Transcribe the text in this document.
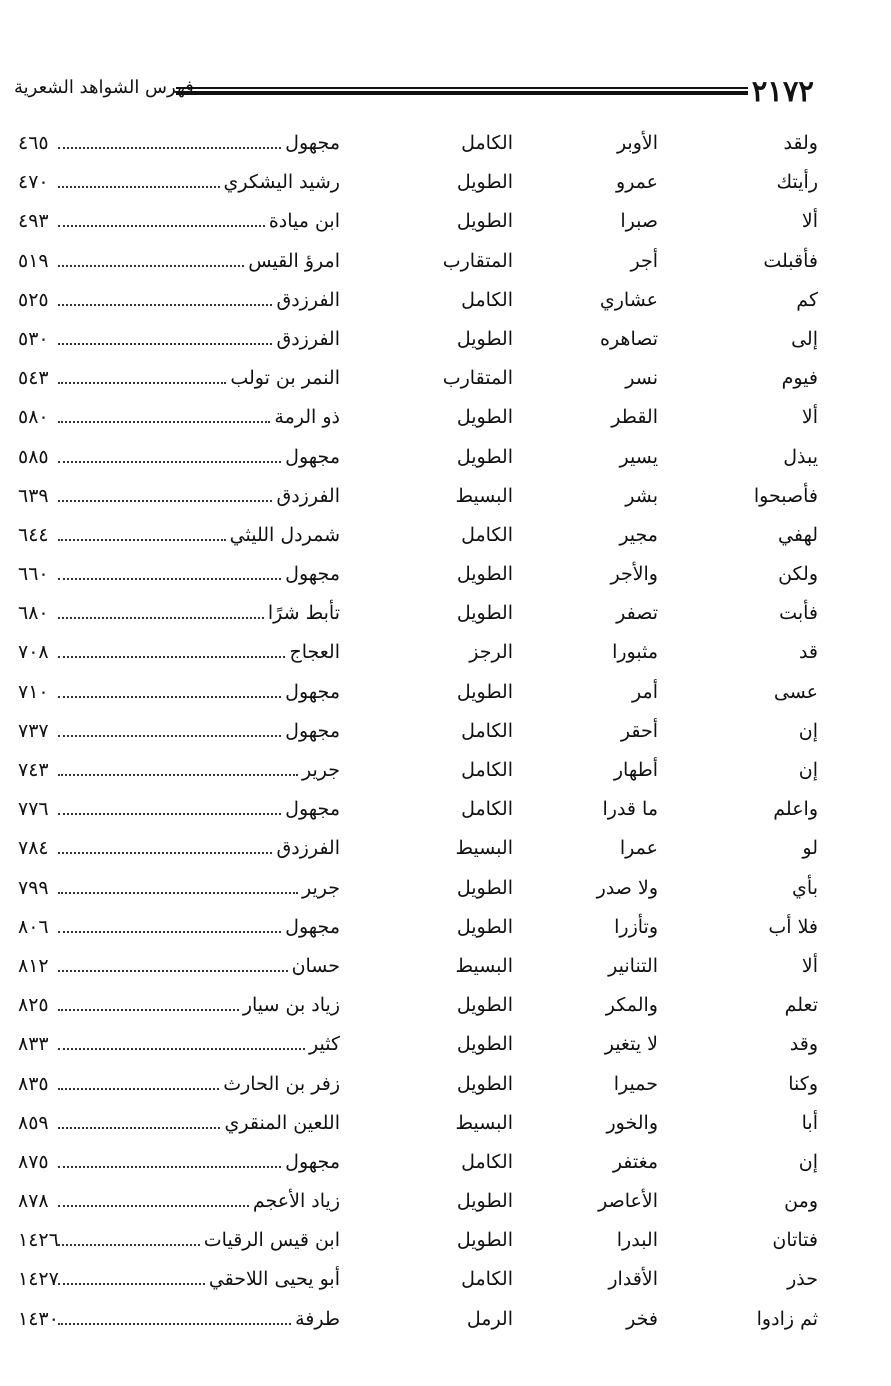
فهرس الشواهد الشعرية	٢١٧٢
ولقد
الأوبر
الكامل
مجهول
٤٦٥
رأيتك
عمرو
الطويل
رشيد اليشكري
٤٧٠
ألا
صبرا
الطويل
ابن ميادة
٤٩٣
فأقبلت
أجر
المتقارب
امرؤ القيس
٥١٩
كم
عشاري
الكامل
الفرزدق
٥٢٥
إلى
تصاهره
الطويل
الفرزدق
٥٣٠
فيوم
نسر
المتقارب
النمر بن تولب
٥٤٣
ألا
القطر
الطويل
ذو الرمة
٥٨٠
يبذل
يسير
الطويل
مجهول
٥٨٥
فأصبحوا
بشر
البسيط
الفرزدق
٦٣٩
لهفي
مجير
الكامل
شمردل الليثي
٦٤٤
ولكن
والأجر
الطويل
مجهول
٦٦٠
فأبت
تصفر
الطويل
تأبط شرًا
٦٨٠
قد
مثبورا
الرجز
العجاج
٧٠٨
عسى
أمر
الطويل
مجهول
٧١٠
إن
أحقر
الكامل
مجهول
٧٣٧
إن
أطهار
الكامل
جرير
٧٤٣
واعلم
ما قدرا
الكامل
مجهول
٧٧٦
لو
عمرا
البسيط
الفرزدق
٧٨٤
بأي
ولا صدر
الطويل
جرير
٧٩٩
فلا أب
وتأزرا
الطويل
مجهول
٨٠٦
ألا
التنانير
البسيط
حسان
٨١٢
تعلم
والمكر
الطويل
زياد بن سيار
٨٢٥
وقد
لا يتغير
الطويل
كثير
٨٣٣
وكنا
حميرا
الطويل
زفر بن الحارث
٨٣٥
أبا
والخور
البسيط
اللعين المنقري
٨٥٩
إن
مغتفر
الكامل
مجهول
٨٧٥
ومن
الأعاصر
الطويل
زياد الأعجم
٨٧٨
فتاتان
البدرا
الطويل
ابن قيس الرقيات
١٤٢٦
حذر
الأقدار
الكامل
أبو يحيى اللاحقي
١٤٢٧
ثم زادوا
فخر
الرمل
طرفة
١٤٣٠
